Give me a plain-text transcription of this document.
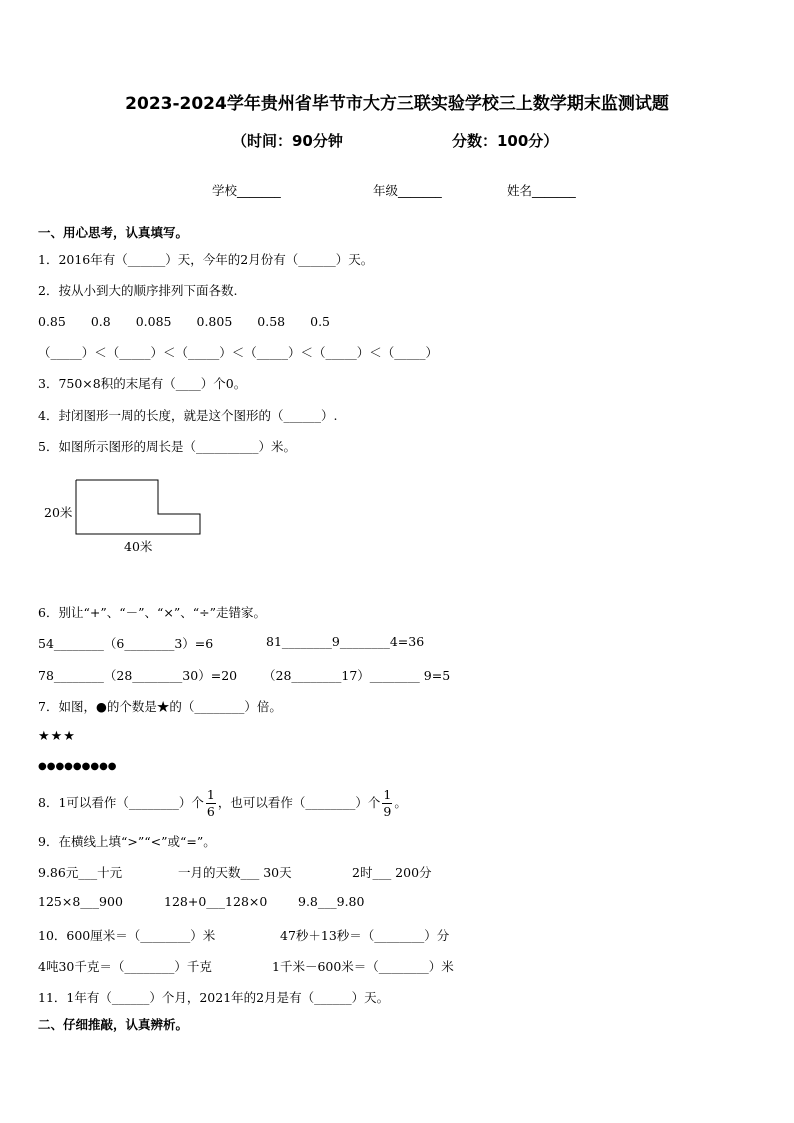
2023-2024学年贵州省毕节市大方三联实验学校三上数学期末监测试题
（时间：90分钟	分数：100分）
学校_______	年级_______	姓名_______
一、用心思考，认真填写。
1．2016年有（______）天，今年的2月份有（______）天。
2．按从小到大的顺序排列下面各数.
0.85　　0.8　　0.085　　0.805　　0.58　　0.5
（_____）＜（_____）＜（_____）＜（_____）＜（_____）＜（_____）
3．750×8积的末尾有（____）个0。
4．封闭图形一周的长度，就是这个图形的（______）.
5．如图所示图形的周长是（__________）米。
20米
40米
6．别让“+”、“－”、“×”、“÷”走错家。
54________（6________3）=6	81________9________4=36
78________（28________30）=20 （28________17）________ 9=5
7．如图，●的个数是★的（________）倍。
★★★
●●●●●●●●●
8．1可以看作（________）个 $\frac{1}{6}$ ，也可以看作（________）个 $\frac{1}{9}$ 。
9．在横线上填“>”“<”或“=”。
9.86元___十元	一月的天数___ 30天	2时___ 200分
125×8___900	128+0___128×0 9.8___9.80
10．600厘米＝（________）米	47秒＋13秒＝（________）分
4吨30千克＝（________）千克	1千米－600米＝（________）米
11．1年有（______）个月，2021年的2月是有（______）天。
二、仔细推敲，认真辨析。
